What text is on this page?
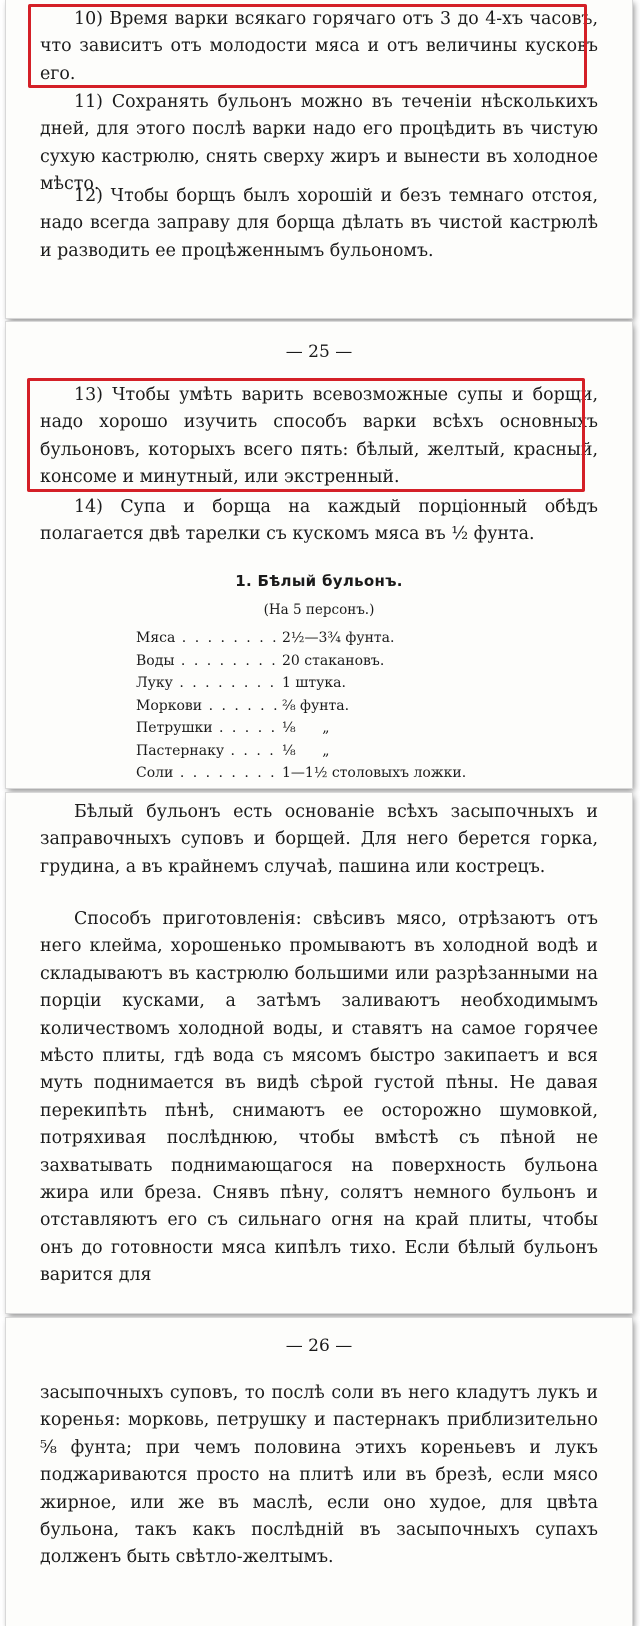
10) Время варки всякаго горячаго отъ 3 до 4-хъ часовъ, что зависитъ отъ молодости мяса и отъ величины кусковъ его.
11) Сохранять бульонъ можно въ теченiи нѣсколькихъ дней, для этого послѣ варки надо его процѣдить въ чистую сухую кастрюлю, снять сверху жиръ и вынести въ холодное мѣсто.
12) Чтобы борщъ былъ хорошiй и безъ темнаго отстоя, надо всегда заправу для борща дѣлать въ чистой кастрюлѣ и разводить ее процѣженнымъ бульономъ.
— 25 —
13) Чтобы умѣть варить всевозможные супы и борщи, надо хорошо изучить способъ варки всѣхъ основныхъ бульоновъ, которыхъ всего пять: бѣлый, желтый, красный, консоме и минутный, или экстренный.
14) Супа и борща на каждый порцiонный обѣдъ полагается двѣ тарелки съ кускомъ мяса въ ½ фунта.
1. Бѣлый бульонъ.
(На 5 персонъ.)
Мяса . . .	2½—3¾ фунта.
Воды . . .	20 стакановъ.
Луку . . .	1 штука.
Моркови . . .	²⁄₈ фунта.
Петрушки . . .	¹⁄₈      „
Пастернаку . . .	¹⁄₈      „
Соли . . .	1—1½ столовыхъ ложки.
Бѣлый бульонъ есть основанiе всѣхъ засыпочныхъ и заправочныхъ суповъ и борщей. Для него берется горка, грудина, а въ крайнемъ случаѣ, пашина или кострецъ.
Способъ приготовленiя: свѣсивъ мясо, отрѣзаютъ отъ него клейма, хорошенько промываютъ въ холодной водѣ и складываютъ въ кастрюлю большими или разрѣзанными на порцiи кусками, а затѣмъ заливаютъ необходимымъ количествомъ холодной воды, и ставятъ на самое горячее мѣсто плиты, гдѣ вода съ мясомъ быстро закипаетъ и вся муть поднимается въ видѣ сѣрой густой пѣны. Не давая перекипѣть пѣнѣ, снимаютъ ее осторожно шумовкой, потряхивая послѣднюю, чтобы вмѣстѣ съ пѣной не захватывать поднимающагося на поверхность бульона жира или бреза. Снявъ пѣну, солятъ немного бульонъ и отставляютъ его съ сильнаго огня на край плиты, чтобы онъ до готовности мяса кипѣлъ тихо. Если бѣлый бульонъ варится для
— 26 —
засыпочныхъ суповъ, то послѣ соли въ него кладутъ лукъ и коренья: морковь, петрушку и пастернакъ приблизительно ⁵⁄₈ фунта; при чемъ половина этихъ кореньевъ и лукъ поджариваются просто на плитѣ или въ брезѣ, если мясо жирное, или же въ маслѣ, если оно худое, для цвѣта бульона, такъ какъ послѣднiй въ засыпочныхъ супахъ долженъ быть свѣтло-желтымъ.
